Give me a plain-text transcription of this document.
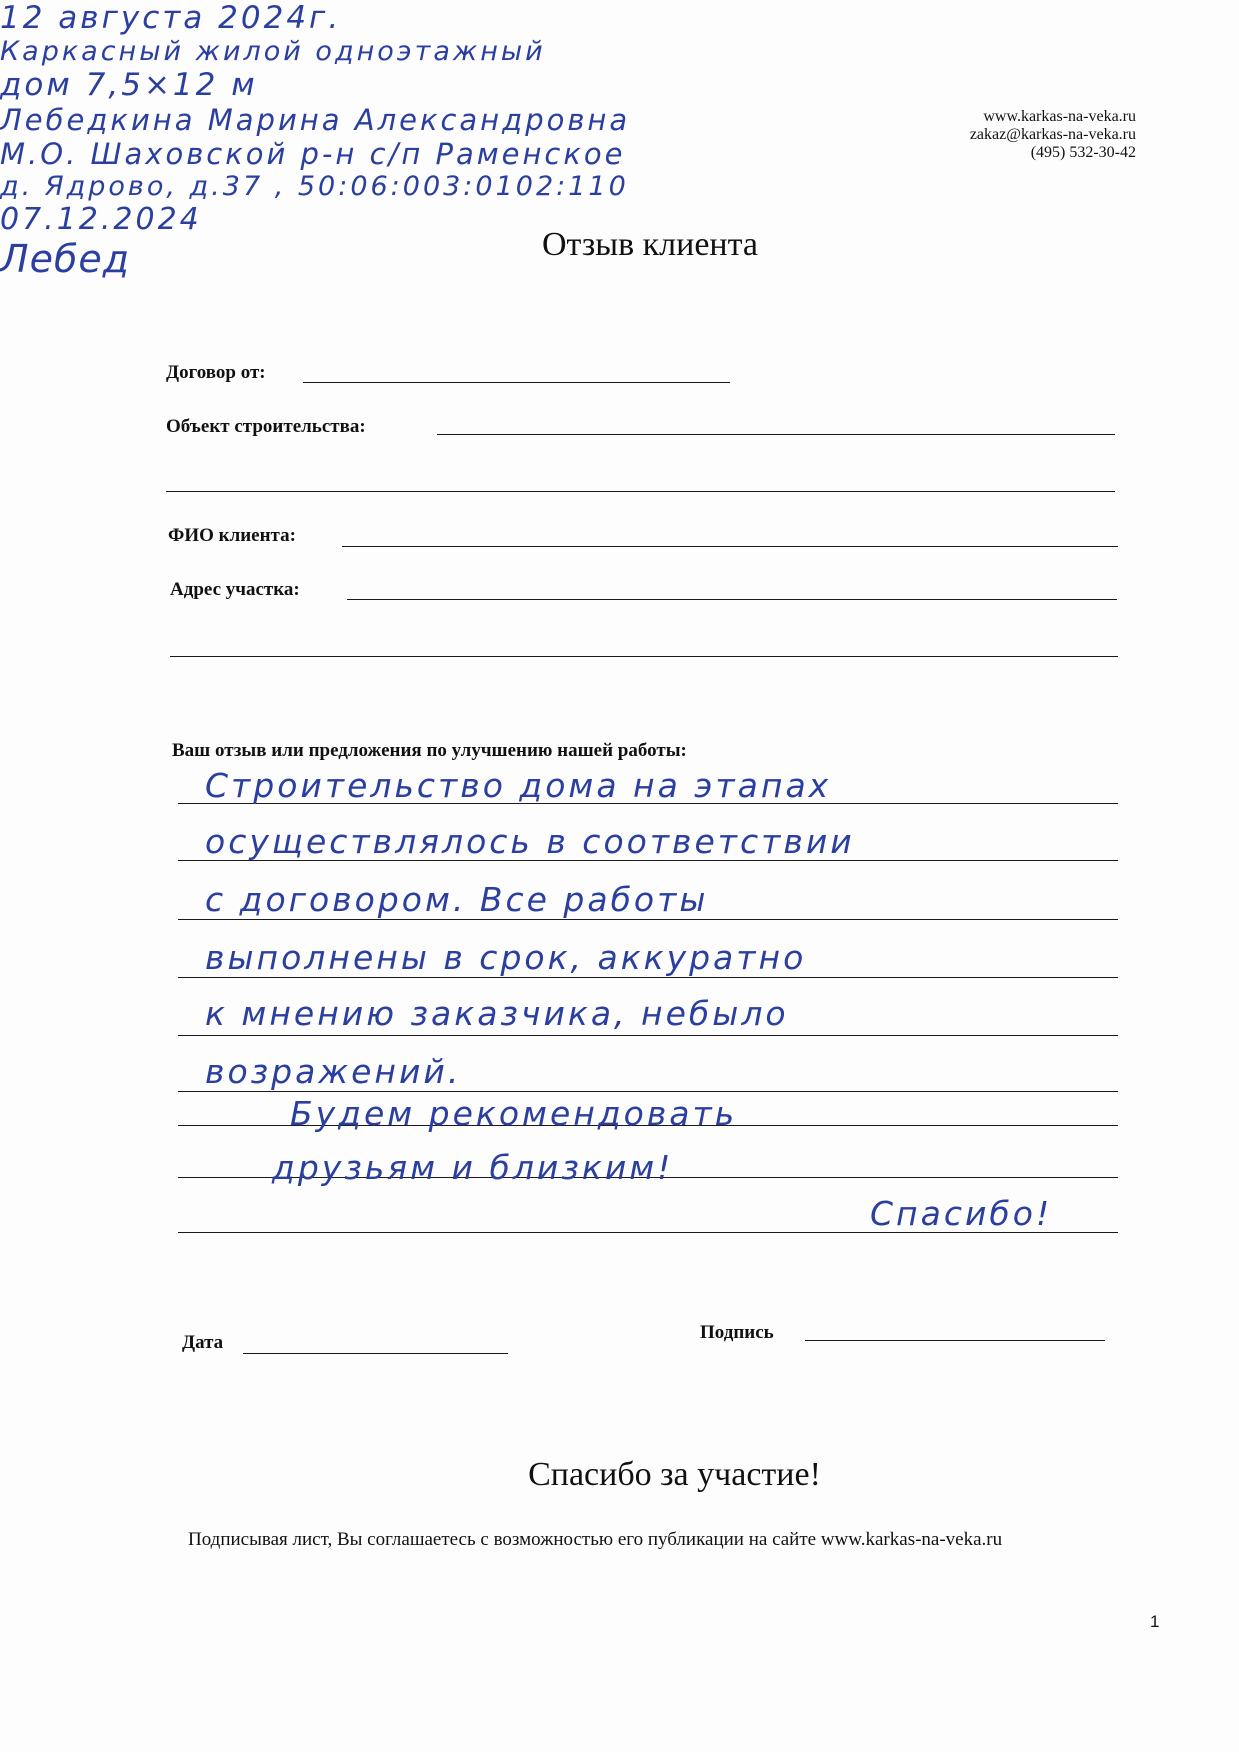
www.karkas-na-veka.ru
zakaz@karkas-na-veka.ru
(495) 532-30-42
Отзыв клиента
Договор от:
12 августа 2024г.
Объект строительства:
Каркасный жилой одноэтажный
дом 7,5×12 м
ФИО клиента:
Лебедкина Марина Александровна
Адрес участка:
М.О. Шаховской р-н с/п Раменское
д. Ядрово, д.37 , 50:06:003:0102:110
Ваш отзыв или предложения по улучшению нашей работы:
Строительство дома на этапах
осуществлялось в соответствии
с договором. Все работы
выполнены в срок, аккуратно
к мнению заказчика, небыло
возражений.
Будем рекомендовать
друзьям и близким!
Спасибо!
Дата
07.12.2024
Подпись
Лебед
Спасибо за участие!
Подписывая лист, Вы соглашаетесь с возможностью его публикации на сайте www.karkas-na-veka.ru
1
